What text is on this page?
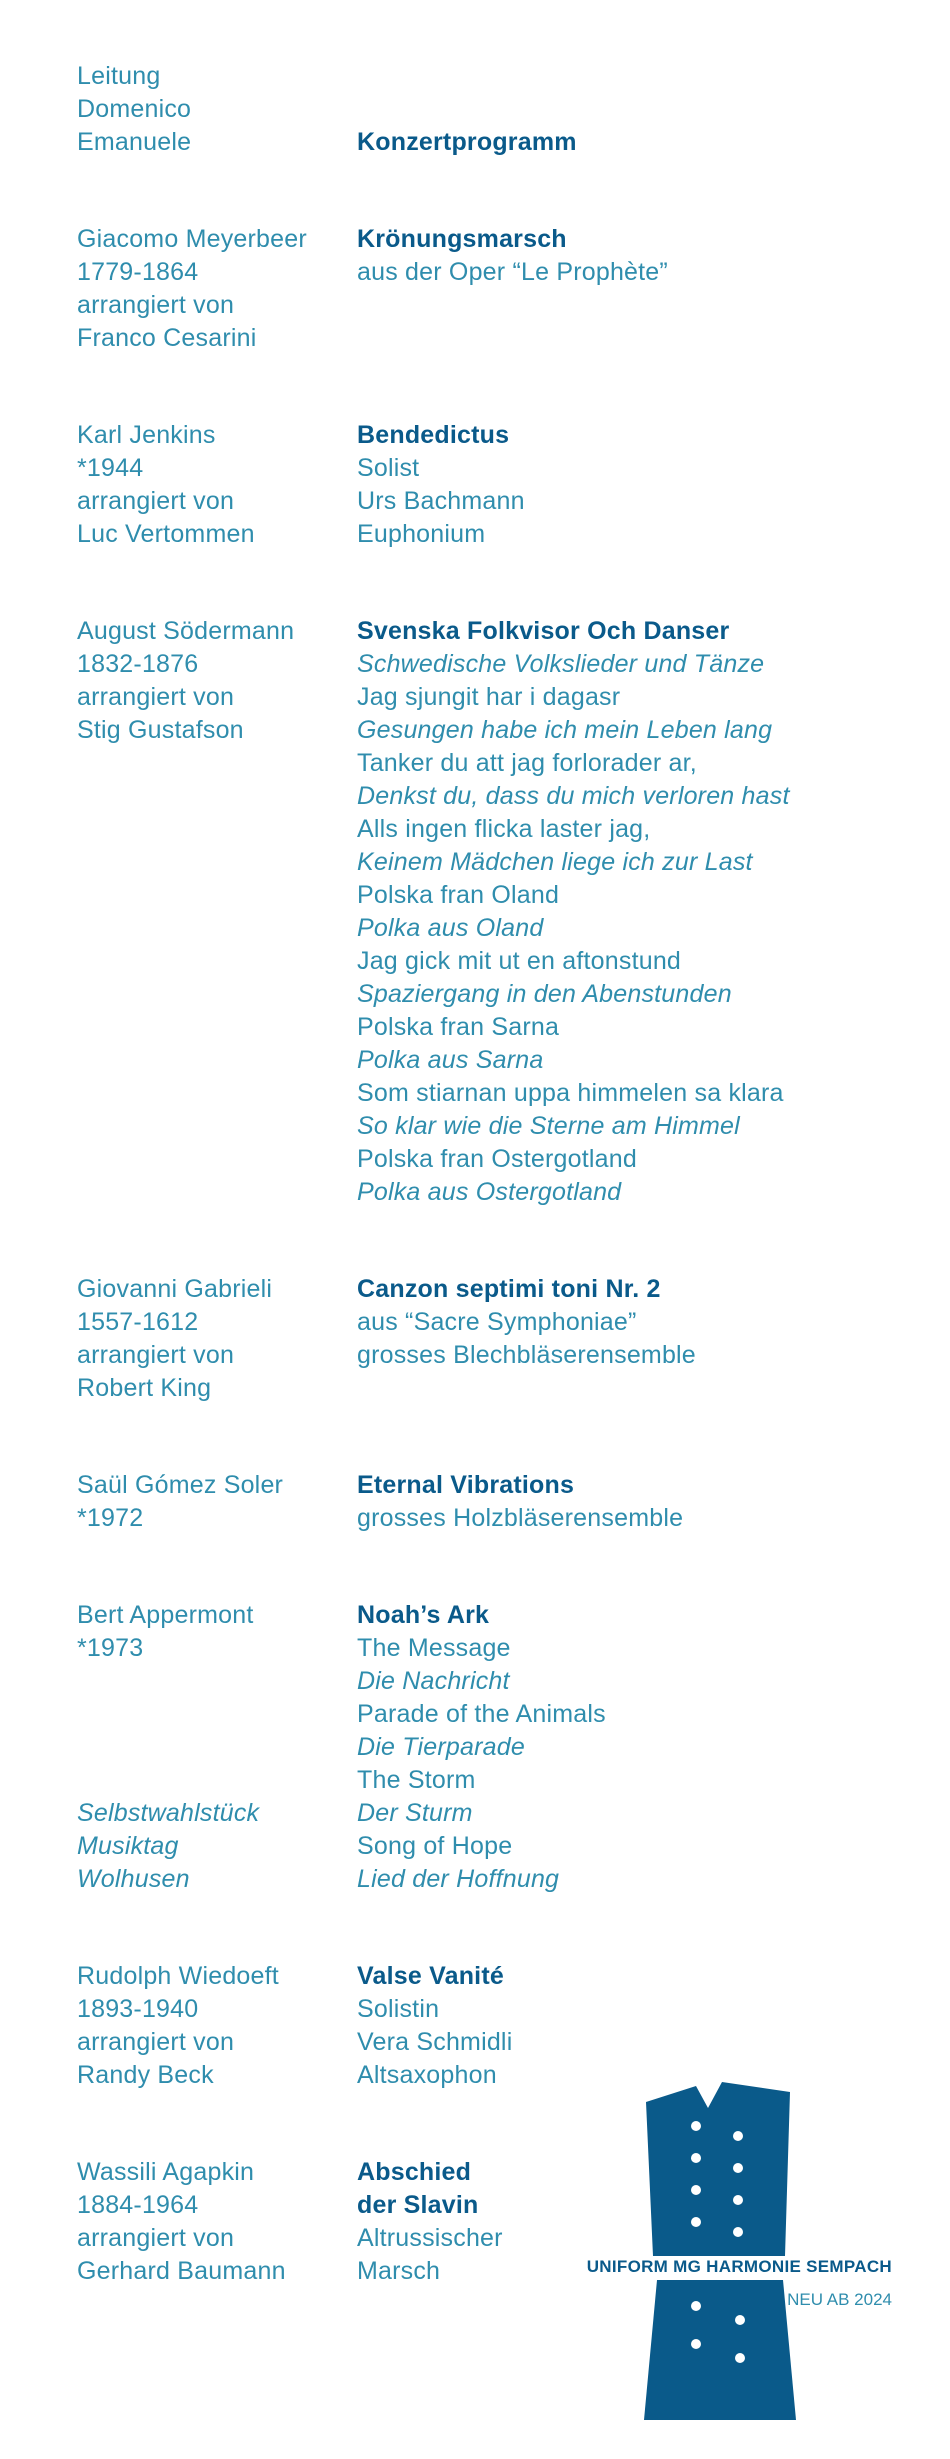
Leitung
Domenico
Emanuele

	Konzertprogramm
Giacomo Meyerbeer
1779-1864
arrangiert von
Franco Cesarini
Krönungsmarsch
aus der Oper “Le Prophète”
Karl Jenkins
*1944
arrangiert von
Luc Vertommen
Bendedictus
Solist
Urs Bachmann
Euphonium
August Södermann
1832-1876
arrangiert von
Stig Gustafson
Svenska Folkvisor Och Danser
Schwedische Volkslieder und Tänze
Jag sjungit har i dagasr
Gesungen habe ich mein Leben lang
Tanker du att jag forlorader ar,
Denkst du, dass du mich verloren hast
Alls ingen flicka laster jag,
Keinem Mädchen liege ich zur Last
Polska fran Oland
Polka aus Oland
Jag gick mit ut en aftonstund
Spaziergang in den Abenstunden
Polska fran Sarna
Polka aus Sarna
Som stiarnan uppa himmelen sa klara
So klar wie die Sterne am Himmel
Polska fran Ostergotland
Polka aus Ostergotland
Giovanni Gabrieli
1557-1612
arrangiert von
Robert King
Canzon septimi toni Nr. 2
aus “Sacre Symphoniae”
grosses Blechbläserensemble
Saül Gómez Soler
*1972
Eternal Vibrations
grosses Holzbläserensemble
Bert Appermont
*1973

Selbstwahlstück
Musiktag
Wolhusen
Noah’s Ark
The Message
Die Nachricht
Parade of the Animals
Die Tierparade
The Storm
Der Sturm
Song of Hope
Lied der Hoffnung
Rudolph Wiedoeft
1893-1940
arrangiert von
Randy Beck
Valse Vanité
Solistin
Vera Schmidli
Altsaxophon
Wassili Agapkin
1884-1964
arrangiert von
Gerhard Baumann
Abschied
der Slavin
Altrussischer
Marsch	UNIFORM MG HARMONIE SEMPACH
NEU AB 2024
